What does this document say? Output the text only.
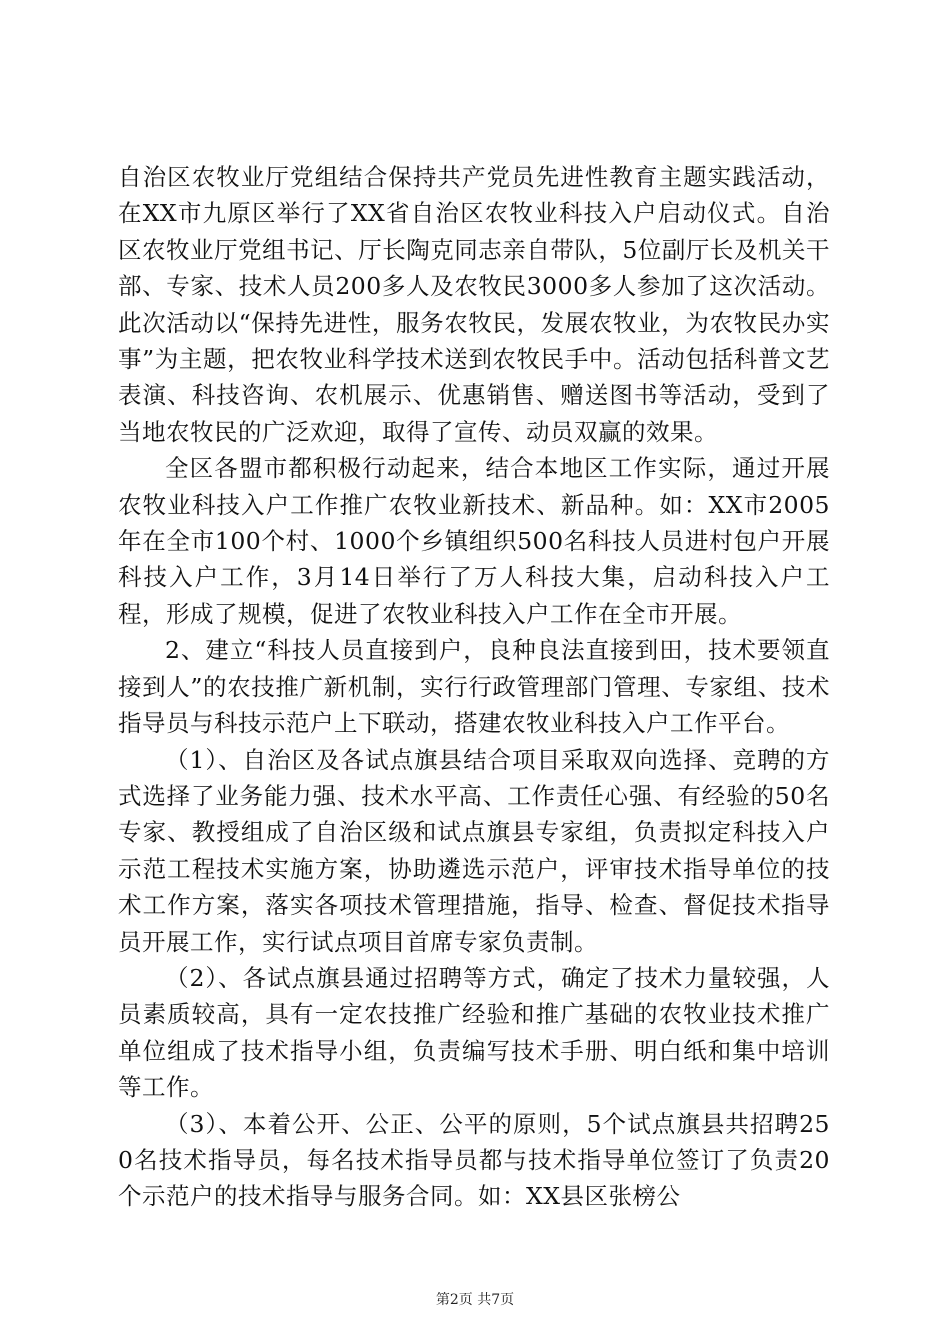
自治区农牧业厅党组结合保持共产党员先进性教育主题实践活动，在XX市九原区举行了XX省自治区农牧业科技入户启动仪式。自治区农牧业厅党组书记、厅长陶克同志亲自带队，5位副厅长及机关干部、专家、技术人员200多人及农牧民3000多人参加了这次活动。此次活动以“保持先进性，服务农牧民，发展农牧业，为农牧民办实事”为主题，把农牧业科学技术送到农牧民手中。活动包括科普文艺表演、科技咨询、农机展示、优惠销售、赠送图书等活动，受到了当地农牧民的广泛欢迎，取得了宣传、动员双赢的效果。

全区各盟市都积极行动起来，结合本地区工作实际，通过开展农牧业科技入户工作推广农牧业新技术、新品种。如：XX市2005年在全市100个村、1000个乡镇组织500名科技人员进村包户开展科技入户工作，3月14日举行了万人科技大集，启动科技入户工程，形成了规模，促进了农牧业科技入户工作在全市开展。

2、建立“科技人员直接到户，良种良法直接到田，技术要领直接到人”的农技推广新机制，实行行政管理部门管理、专家组、技术指导员与科技示范户上下联动，搭建农牧业科技入户工作平台。

（1）、自治区及各试点旗县结合项目采取双向选择、竞聘的方式选择了业务能力强、技术水平高、工作责任心强、有经验的50名专家、教授组成了自治区级和试点旗县专家组，负责拟定科技入户示范工程技术实施方案，协助遴选示范户，评审技术指导单位的技术工作方案，落实各项技术管理措施，指导、检查、督促技术指导员开展工作，实行试点项目首席专家负责制。

（2）、各试点旗县通过招聘等方式，确定了技术力量较强，人员素质较高，具有一定农技推广经验和推广基础的农牧业技术推广单位组成了技术指导小组，负责编写技术手册、明白纸和集中培训等工作。

（3）、本着公开、公正、公平的原则，5个试点旗县共招聘250名技术指导员，每名技术指导员都与技术指导单位签订了负责20个示范户的技术指导与服务合同。如：XX县区张榜公

第2页 共7页
